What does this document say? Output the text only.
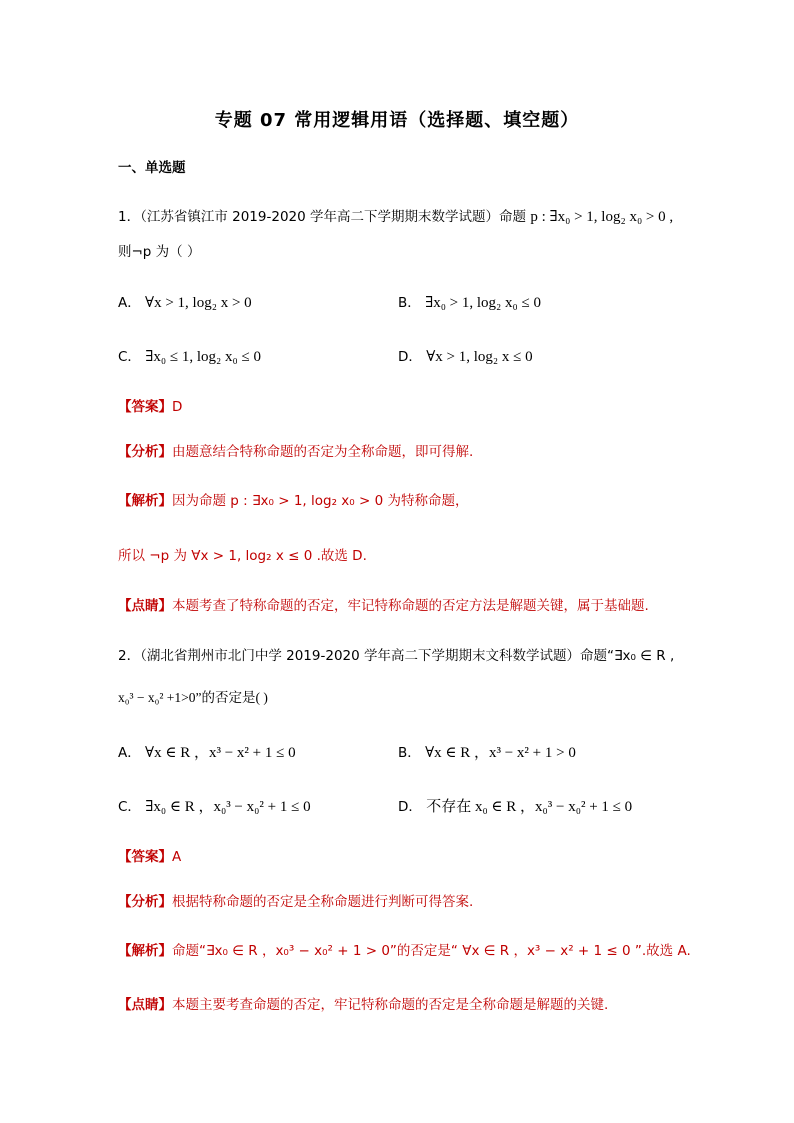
专题 07 常用逻辑用语（选择题、填空题）
一、单选题
1．（江苏省镇江市 2019-2020 学年高二下学期期末数学试题）命题 p : ∃x₀ > 1, log₂ x₀ > 0 ,
则¬p 为（ ）
A． ∀x > 1, log₂ x > 0	B． ∃x₀ > 1, log₂ x₀ ≤ 0
C． ∃x₀ ≤ 1, log₂ x₀ ≤ 0	D． ∀x > 1, log₂ x ≤ 0
【答案】D
【分析】由题意结合特称命题的否定为全称命题，即可得解.
【解析】因为命题 p : ∃x₀ > 1, log₂ x₀ > 0 为特称命题，
所以 ¬p 为 ∀x > 1, log₂ x ≤ 0 .故选 D.
【点睛】本题考查了特称命题的否定，牢记特称命题的否定方法是解题关键，属于基础题.
2．（湖北省荆州市北门中学 2019-2020 学年高二下学期期末文科数学试题）命题“∃x₀ ∈ R ,
x₀³ − x₀² +1>0”的否定是( )
A． ∀x ∈ R ，x³ − x² + 1 ≤ 0	B． ∀x ∈ R ，x³ − x² + 1 > 0
C． ∃x₀ ∈ R ，x₀³ − x₀² + 1 ≤ 0	D． 不存在 x₀ ∈ R ，x₀³ − x₀² + 1 ≤ 0
【答案】A
【分析】根据特称命题的否定是全称命题进行判断可得答案.
【解析】命题“∃x₀ ∈ R ，x₀³ − x₀² + 1 > 0”的否定是“ ∀x ∈ R ，x³ − x² + 1 ≤ 0 ”.故选 A.
【点睛】本题主要考查命题的否定，牢记特称命题的否定是全称命题是解题的关键.
